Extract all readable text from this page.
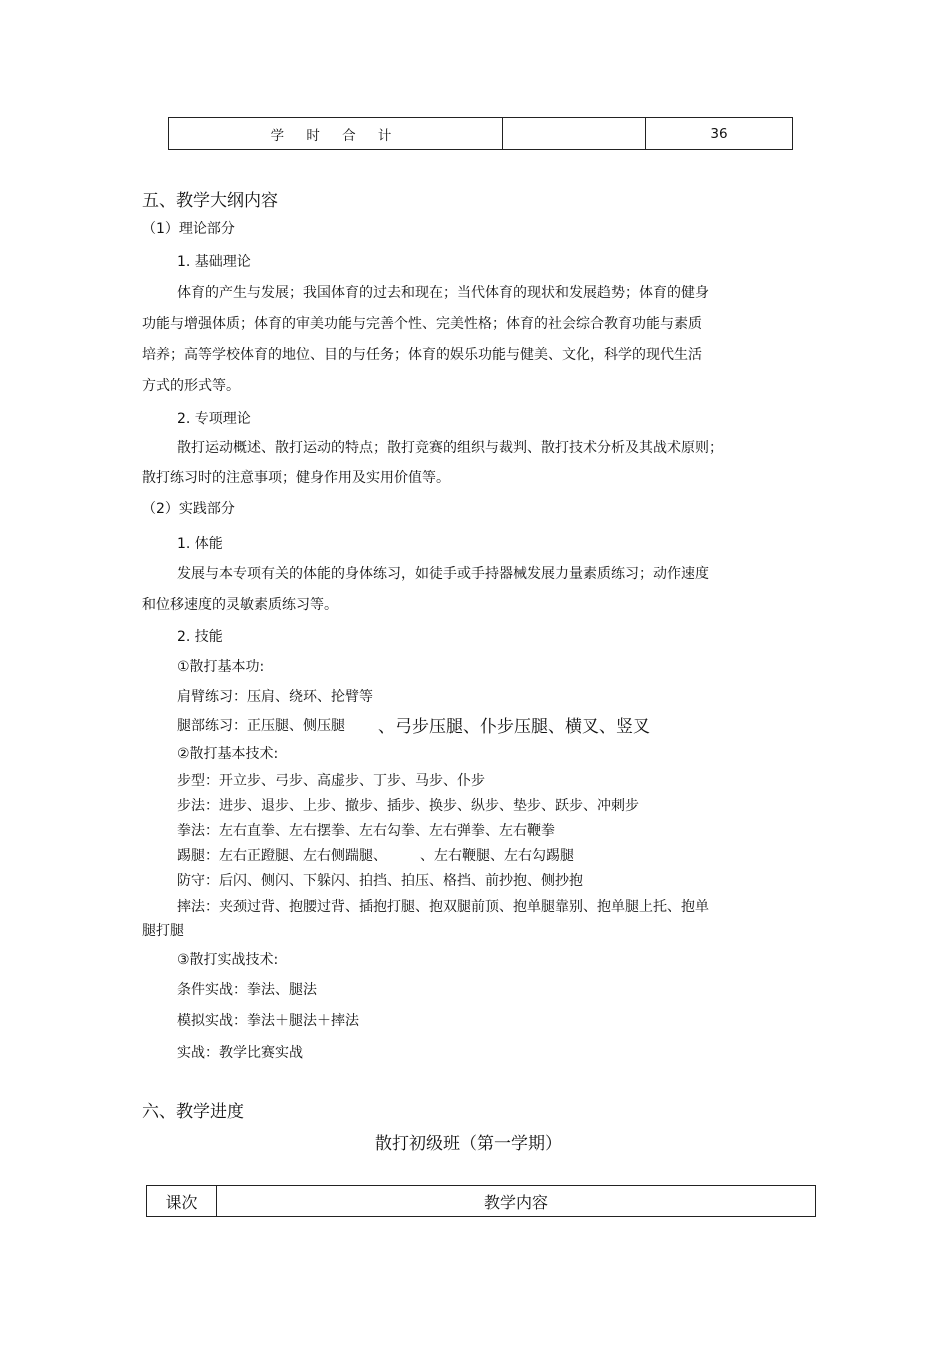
学 时 合 计	36
五、教学大纲内容
（1）理论部分
1. 基础理论
体育的产生与发展；我国体育的过去和现在；当代体育的现状和发展趋势；体育的健身
功能与增强体质；体育的审美功能与完善个性、完美性格；体育的社会综合教育功能与素质
培养；高等学校体育的地位、目的与任务；体育的娱乐功能与健美、文化，科学的现代生活
方式的形式等。
2. 专项理论
散打运动概述、散打运动的特点；散打竞赛的组织与裁判、散打技术分析及其战术原则；
散打练习时的注意事项；健身作用及实用价值等。
（2）实践部分
1. 体能
发展与本专项有关的体能的身体练习，如徒手或手持器械发展力量素质练习；动作速度
和位移速度的灵敏素质练习等。
2. 技能
①散打基本功:
肩臂练习：压肩、绕环、抡臂等
腿部练习：正压腿、侧压腿 、弓步压腿、仆步压腿、横叉、竖叉
②散打基本技术:
步型：开立步、弓步、高虚步、丁步、马步、仆步
步法：进步、退步、上步、撤步、插步、换步、纵步、垫步、跃步、冲刺步
拳法：左右直拳、左右摆拳、左右勾拳、左右弹拳、左右鞭拳
踢腿：左右正蹬腿、左右侧踹腿、 、左右鞭腿、左右勾踢腿
防守：后闪、侧闪、下躲闪、拍挡、拍压、格挡、前抄抱、侧抄抱
摔法：夹颈过背、抱腰过背、插抱打腿、抱双腿前顶、抱单腿靠别、抱单腿上托、抱单
腿打腿
③散打实战技术:
条件实战：拳法、腿法
模拟实战：拳法＋腿法＋摔法
实战：教学比赛实战
六、教学进度
散打初级班（第一学期）
课次	教学内容
